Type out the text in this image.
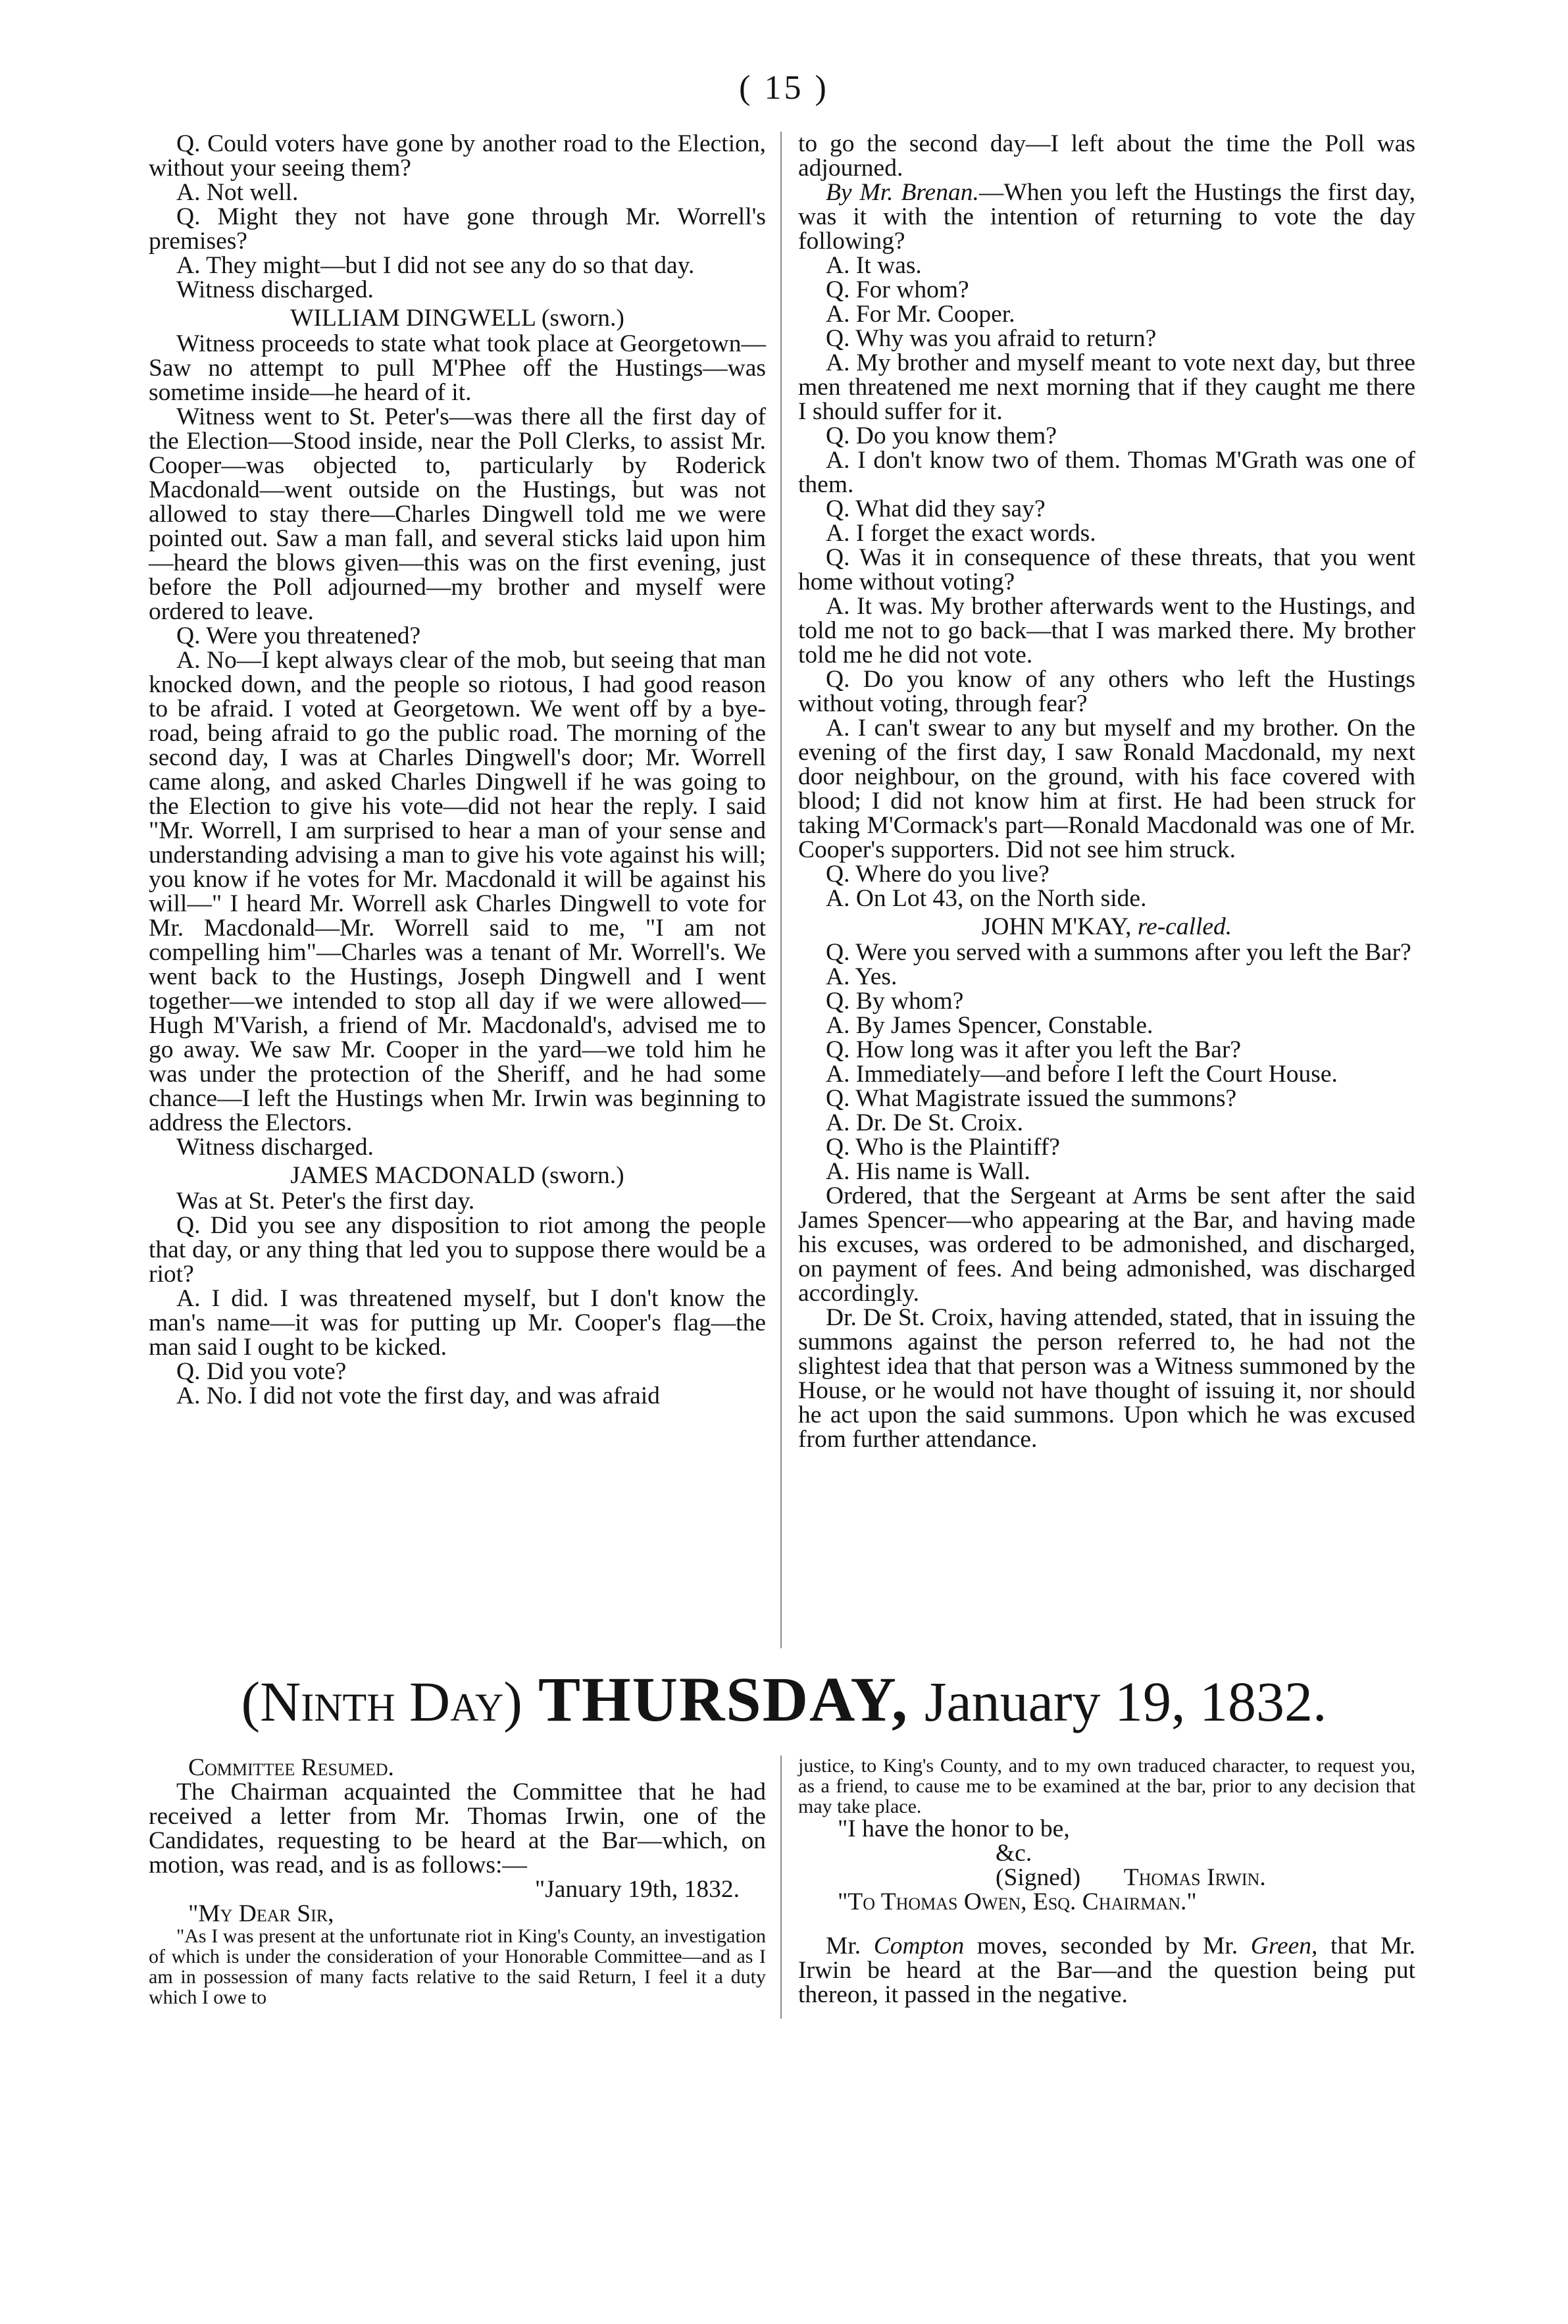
( 15 )

Q. Could voters have gone by another road to the Election, without your seeing them?

A. Not well.

Q. Might they not have gone through Mr. Worrell's premises?

A. They might—but I did not see any do so that day.

Witness discharged.

WILLIAM DINGWELL (sworn.)

Witness proceeds to state what took place at Georgetown—Saw no attempt to pull M'Phee off the Hustings—was sometime inside—he heard of it.

Witness went to St. Peter's—was there all the first day of the Election—Stood inside, near the Poll Clerks, to assist Mr. Cooper—was objected to, particularly by Roderick Macdonald—went outside on the Hustings, but was not allowed to stay there—Charles Dingwell told me we were pointed out. Saw a man fall, and several sticks laid upon him—heard the blows given—this was on the first evening, just before the Poll adjourned—my brother and myself were ordered to leave.

Q. Were you threatened?

A. No—I kept always clear of the mob, but seeing that man knocked down, and the people so riotous, I had good reason to be afraid. I voted at Georgetown. We went off by a bye-road, being afraid to go the public road. The morning of the second day, I was at Charles Dingwell's door; Mr. Worrell came along, and asked Charles Dingwell if he was going to the Election to give his vote—did not hear the reply. I said "Mr. Worrell, I am surprised to hear a man of your sense and understanding advising a man to give his vote against his will; you know if he votes for Mr. Macdonald it will be against his will—" I heard Mr. Worrell ask Charles Dingwell to vote for Mr. Macdonald—Mr. Worrell said to me, "I am not compelling him"—Charles was a tenant of Mr. Worrell's. We went back to the Hustings, Joseph Dingwell and I went together—we intended to stop all day if we were allowed—Hugh M'Varish, a friend of Mr. Macdonald's, advised me to go away. We saw Mr. Cooper in the yard—we told him he was under the protection of the Sheriff, and he had some chance—I left the Hustings when Mr. Irwin was beginning to address the Electors.

Witness discharged.

JAMES MACDONALD (sworn.)

Was at St. Peter's the first day.

Q. Did you see any disposition to riot among the people that day, or any thing that led you to suppose there would be a riot?

A. I did. I was threatened myself, but I don't know the man's name—it was for putting up Mr. Cooper's flag—the man said I ought to be kicked.

Q. Did you vote?

A. No. I did not vote the first day, and was afraid

to go the second day—I left about the time the Poll was adjourned.

By Mr. Brenan.—When you left the Hustings the first day, was it with the intention of returning to vote the day following?

A. It was.

Q. For whom?

A. For Mr. Cooper.

Q. Why was you afraid to return?

A. My brother and myself meant to vote next day, but three men threatened me next morning that if they caught me there I should suffer for it.

Q. Do you know them?

A. I don't know two of them. Thomas M'Grath was one of them.

Q. What did they say?

A. I forget the exact words.

Q. Was it in consequence of these threats, that you went home without voting?

A. It was. My brother afterwards went to the Hustings, and told me not to go back—that I was marked there. My brother told me he did not vote.

Q. Do you know of any others who left the Hustings without voting, through fear?

A. I can't swear to any but myself and my brother. On the evening of the first day, I saw Ronald Macdonald, my next door neighbour, on the ground, with his face covered with blood; I did not know him at first. He had been struck for taking M'Cormack's part—Ronald Macdonald was one of Mr. Cooper's supporters. Did not see him struck.

Q. Where do you live?

A. On Lot 43, on the North side.

JOHN M'KAY, re-called.

Q. Were you served with a summons after you left the Bar?

A. Yes.

Q. By whom?

A. By James Spencer, Constable.

Q. How long was it after you left the Bar?

A. Immediately—and before I left the Court House.

Q. What Magistrate issued the summons?

A. Dr. De St. Croix.

Q. Who is the Plaintiff?

A. His name is Wall.

Ordered, that the Sergeant at Arms be sent after the said James Spencer—who appearing at the Bar, and having made his excuses, was ordered to be admonished, and discharged, on payment of fees. And being admonished, was discharged accordingly.

Dr. De St. Croix, having attended, stated, that in issuing the summons against the person referred to, he had not the slightest idea that that person was a Witness summoned by the House, or he would not have thought of issuing it, nor should he act upon the said summons. Upon which he was excused from further attendance.

(Ninth Day) THURSDAY, January 19, 1832.

Committee Resumed.

The Chairman acquainted the Committee that he had received a letter from Mr. Thomas Irwin, one of the Candidates, requesting to be heard at the Bar—which, on motion, was read, and is as follows:—

"January 19th, 1832.

"My Dear Sir,

"As I was present at the unfortunate riot in King's County, an investigation of which is under the consideration of your Honorable Committee—and as I am in possession of many facts relative to the said Return, I feel it a duty which I owe to

justice, to King's County, and to my own traduced character, to request you, as a friend, to cause me to be examined at the bar, prior to any decision that may take place.

"I have the honor to be,

&c.

(Signed) Thomas Irwin.

"To Thomas Owen, Esq. Chairman."

Mr. Compton moves, seconded by Mr. Green, that Mr. Irwin be heard at the Bar—and the question being put thereon, it passed in the negative.
